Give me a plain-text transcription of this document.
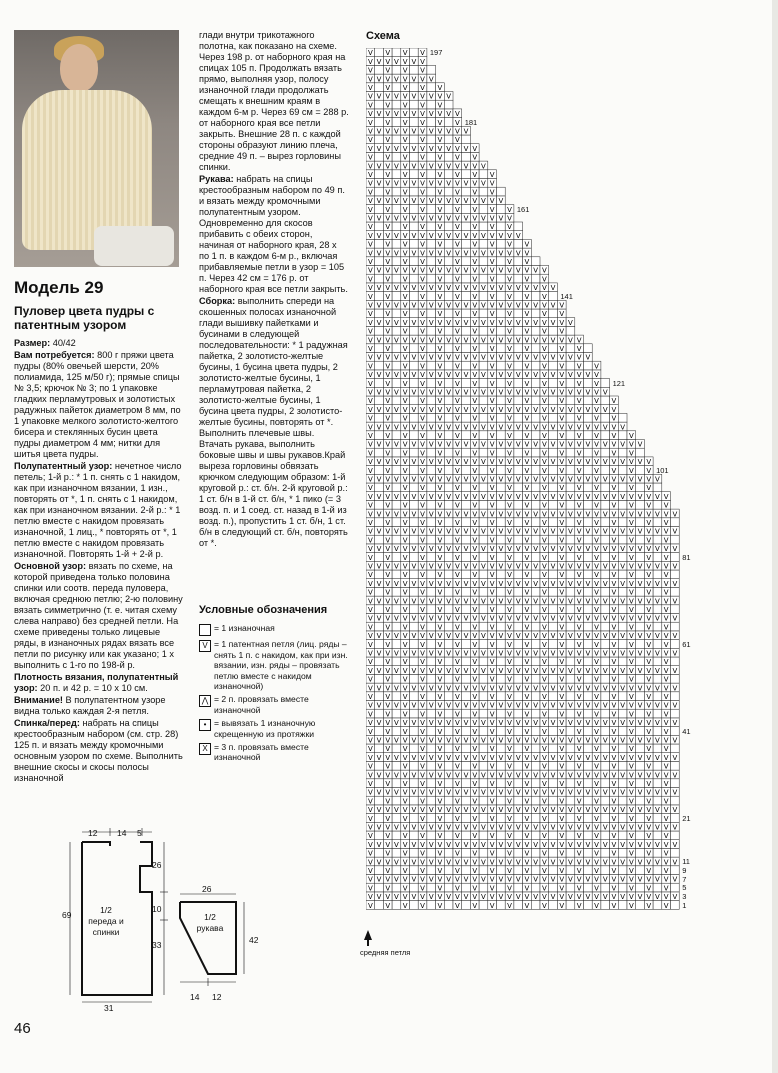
Модель 29
Пуловер цвета пудры с патентным узором

Размер: 40/42

Вам потребуется: 800 г пряжи цвета пудры (80% овечьей шерсти, 20% полиамида, 125 м/50 г); прямые спицы № 3,5; крючок № 3; по 1 упаковке гладких перламутровых и золотистых радужных пайеток диаметром 8 мм, по 1 упаковке мелкого золотисто-желтого бисера и стеклянных бусин цвета пудры диаметром 4 мм; нитки для шитья цвета пудры.

Полупатентный узор: нечетное число петель; 1-й р.: * 1 п. снять с 1 накидом, как при изнаночном вязании, 1 изн., повторять от *, 1 п. снять с 1 накидом, как при изнаночном вязании. 2-й р.: * 1 петлю вместе с накидом провязать изнаночной, 1 лиц., * повторять от *, 1 петлю вместе с накидом провязать изнаночной. Повторять 1-й + 2-й р.

Основной узор: вязать по схеме, на которой приведена только половина спинки или соотв. переда пуловера, включая среднюю петлю; 2-ю половину вязать симметрично (т. е. читая схему слева направо) без средней петли. На схеме приведены только лицевые ряды, в изнаночных рядах вязать все петли по рисунку или как указано; 1 х выполнить с 1-го по 198-й р.

Плотность вязания, полупатентный узор: 20 п. и 42 р. = 10 х 10 см.

Внимание! В полупатентном узоре видна только каждая 2-я петля.

Спинка/перед: набрать на спицы крестообразным набором (см. стр. 28) 125 п. и вязать между кромочными основным узором по схеме. Выполнить внешние скосы и скосы полосы изнаночной

глади внутри трикотажного полотна, как показано на схеме. Через 198 р. от наборного края на спицах 105 п. Продолжать вязать прямо, выполняя узор, полосу изнаночной глади продолжать смещать к внешним краям в каждом 6-м р. Через 69 см = 288 р. от наборного края все петли закрыть. Внешние 28 п. с каждой стороны образуют линию плеча, средние 49 п. – вырез горловины спинки.

Рукава: набрать на спицы крестообразным набором по 49 п. и вязать между кромочными полупатентным узором. Одновременно для скосов прибавить с обеих сторон, начиная от наборного края, 28 х по 1 п. в каждом 6-м р., включая прибавляемые петли в узор = 105 п. Через 42 см = 176 р. от наборного края все петли закрыть.

Сборка: выполнить спереди на скошенных полосах изнаночной глади вышивку пайетками и бусинами в следующей последовательности: * 1 радужная пайетка, 2 золотисто-желтые бусины, 1 бусина цвета пудры, 2 золотисто-желтые бусины, 1 перламутровая пайетка, 2 золотисто-желтые бусины, 1 бусина цвета пудры, 2 золотисто-желтые бусины, повторять от *. Выполнить плечевые швы. Втачать рукава, выполнить боковые швы и швы рукавов.Край выреза горловины обвязать крючком следующим образом: 1-й круговой р.: ст. б/н. 2-й круговой р.: 1 ст. б/н в 1-й ст. б/н, * 1 пико (= 3 возд. п. и 1 соед. ст. назад в 1-й из возд. п.), пропустить 1 ст. б/н, 1 ст. б/н в следующий ст. б/н, повторять от *.

Условные обозначения
= 1 изнаночная
V = 1 патентная петля (лиц. ряды – снять 1 п. с накидом, как при изн. вязании, изн. ряды – провязать петлю вместе с накидом изнаночной)
⋀ = 2 п. провязать вместе изнаночной
• = вывязать 1 изнаночную скрещенную из протяжки
X = 3 п. провязать вместе изнаночной
Схема
V V V V V V V V V V V V V V V V V V
V V V V V V V V V V V V V V V V V V V V V V V V V V V V V V V V V V V V
V V V V V V V V V V V V V V V V V V
V V V V V V V V V V V V V V V V V V V V V V V V V V V V V V V V V V V V
V V V V V V V V V V V V V V V V V V
V V V V V V V V V V V V V V V V V V V V V V V V V V V V V V V V V V V V
V V V V V V V V V V V V V V V V V V
V V V V V V V V V V V V V V V V V V V V V V V V V V V V V V V V V V V V
V V V V V V V V V V V V V V V V V V
V V V V V V V V V V V V V V V V V V V V V V V V V V V V V V V V V V V V
V V V V V V V V V V V V V V V V V V
V V V V V V V V V V V V V V V V V V V V V V V V V V V V V V V V V V V V
V V V V V V V V V V V V V V V V V V
V V V V V V V V V V V V V V V V V V V V V V V V V V V V V V V V V V V V
V V V V V V V V V V V V V V V V V V
V V V V V V V V V V V V V V V V V V V V V V V V V V V V V V V V V V V V
V V V V V V V V V V V V V V V V V V
V V V V V V V V V V V V V V V V V V V V V V V V V V V V V V V V V V V V
V V V V V V V V V V V V V V V V V V
V V V V V V V V V V V V V V V V V V V V V V V V V V V V V V V V V V V V
V V V V V V V V V V V V V V V V V V
V V V V V V V V V V V V V V V V V V V V V V V V V V V V V V V V V V V V
V V V V V V V V V V V V V V V V V V
V V V V V V V V V V V V V V V V V V V V V V V V V V V V V V V V V V V V
V V V V V V V V V V V V V V V V V V
V V V V V V V V V V V V V V V V V V V V V V V V V V V V V V V V V V V V
V V V V V V V V V V V V V V V V V V
V V V V V V V V V V V V V V V V V V V V V V V V V V V V V V V V V V V V
V V V V V V V V V V V V V V V V V V
V V V V V V V V V V V V V V V V V V V V V V V V V V V V V V V V V V V V
V V V V V V V V V V V V V V V V V V
V V V V V V V V V V V V V V V V V V V V V V V V V V V V V V V V V V V V
V V V V V V V V V V V V V V V V V V
V V V V V V V V V V V V V V V V V V V V V V V V V V V V V V V V V V V V
V V V V V V V V V V V V V V V V V V
V V V V V V V V V V V V V V V V V V V V V V V V V V V V V V V V V V V V
V V V V V V V V V V V V V V V V V V
V V V V V V V V V V V V V V V V V V V V V V V V V V V V V V V V V V V V
V V V V V V V V V V V V V V V V V V
V V V V V V V V V V V V V V V V V V V V V V V V V V V V V V V V V V V V
V V V V V V V V V V V V V V V V V V
V V V V V V V V V V V V V V V V V V V V V V V V V V V V V V V V V V V V
V V V V V V V V V V V V V V V V V V
V V V V V V V V V V V V V V V V V V V V V V V V V V V V V V V V V V V V
V V V V V V V V V V V V V V V V V V
V V V V V V V V V V V V V V V V V V V V V V V V V V V V V V V V V V V V
V V V V V V V V V V V V V V V V V V
V V V V V V V V V V V V V V V V V V V V V V V V V V V V V V V V V V V
V V V V V V V V V V V V V V V V V
V V V V V V V V V V V V V V V V V V V V V V V V V V V V V V V V V V
V V V V V V V V V V V V V V V V V
V V V V V V V V V V V V V V V V V V V V V V V V V V V V V V V V V
V V V V V V V V V V V V V V V V
V V V V V V V V V V V V V V V V V V V V V V V V V V V V V V V V
V V V V V V V V V V V V V V V V
V V V V V V V V V V V V V V V V V V V V V V V V V V V V V V
V V V V V V V V V V V V V V V
V V V V V V V V V V V V V V V V V V V V V V V V V V V V V
V V V V V V V V V V V V V V V
V V V V V V V V V V V V V V V V V V V V V V V V V V V V
V V V V V V V V V V V V V V
V V V V V V V V V V V V V V V V V V V V V V V V V V V
V V V V V V V V V V V V V V
V V V V V V V V V V V V V V V V V V V V V V V V V V
V V V V V V V V V V V V V
V V V V V V V V V V V V V V V V V V V V V V V V V
V V V V V V V V V V V V
V V V V V V V V V V V V V V V V V V V V V V V V
V V V V V V V V V V V V
V V V V V V V V V V V V V V V V V V V V V V V
V V V V V V V V V V V
V V V V V V V V V V V V V V V V V V V V V V
V V V V V V V V V V V
V V V V V V V V V V V V V V V V V V V V V
V V V V V V V V V V
V V V V V V V V V V V V V V V V V V V
V V V V V V V V V V
V V V V V V V V V V V V V V V V V V
V V V V V V V V V
V V V V V V V V V V V V V V V V V
V V V V V V V V V
V V V V V V V V V V V V V V V V
V V V V V V V V
V V V V V V V V V V V V V V V
V V V V V V V V
V V V V V V V V V V V V V V
V V V V V V V
V V V V V V V V V V V V V
V V V V V V
V V V V V V V V V V V V
V V V V V V
V V V V V V V V V V V
V V V V V
V V V V V V V V V V
V V V V V
V V V V V V V V
V V V V
V V V V V V V
V V V V 197
181
161
141
121
101
81
61
41
21
11
9
7
5
3
1
средняя петля
12 14 5
69
26
10
33
1/2 переда и спинки
31
26
42
1/2 рукава
14 12
46
